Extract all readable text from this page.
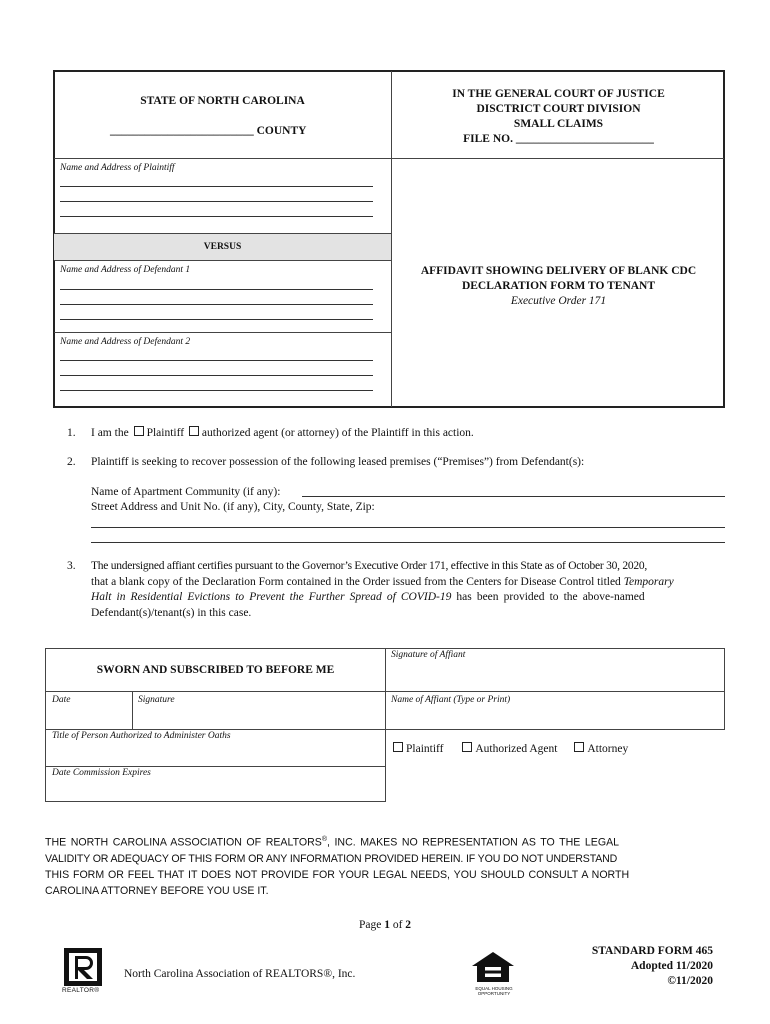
STATE OF NORTH CAROLINA
_________________________ COUNTY
IN THE GENERAL COURT OF JUSTICE
DISCTRICT COURT DIVISION
SMALL CLAIMS
FILE NO. ________________________
Name and Address of Plaintiff
VERSUS
Name and Address of Defendant 1
Name and Address of Defendant 2
AFFIDAVIT SHOWING DELIVERY OF BLANK CDC
DECLARATION FORM TO TENANT
Executive Order 171
1. I am the Plaintiff authorized agent (or attorney) of the Plaintiff in this action.
2. Plaintiff is seeking to recover possession of the following leased premises (“Premises”) from Defendant(s):
Name of Apartment Community (if any):
Street Address and Unit No. (if any), City, County, State, Zip:
3. The undersigned affiant certifies pursuant to the Governor’s Executive Order 171, effective in this State as of October 30, 2020,
that a blank copy of the Declaration Form contained in the Order issued from the Centers for Disease Control titled Temporary
Halt in Residential Evictions to Prevent the Further Spread of COVID-19 has been provided to the above-named
Defendant(s)/tenant(s) in this case.
SWORN AND SUBSCRIBED TO BEFORE ME
Date	Signature
Title of Person Authorized to Administer Oaths
Date Commission Expires
Signature of Affiant
Name of Affiant (Type or Print)
Plaintiff	Authorized Agent	Attorney
THE NORTH CAROLINA ASSOCIATION OF REALTORS®, INC. MAKES NO REPRESENTATION AS TO THE LEGAL
VALIDITY OR ADEQUACY OF THIS FORM OR ANY INFORMATION PROVIDED HEREIN. IF YOU DO NOT UNDERSTAND
THIS FORM OR FEEL THAT IT DOES NOT PROVIDE FOR YOUR LEGAL NEEDS, YOU SHOULD CONSULT A NORTH
CAROLINA ATTORNEY BEFORE YOU USE IT.
Page 1 of 2
REALTOR®
North Carolina Association of REALTORS®, Inc.
EQUAL HOUSING OPPORTUNITY
STANDARD FORM 465
Adopted 11/2020
©11/2020
